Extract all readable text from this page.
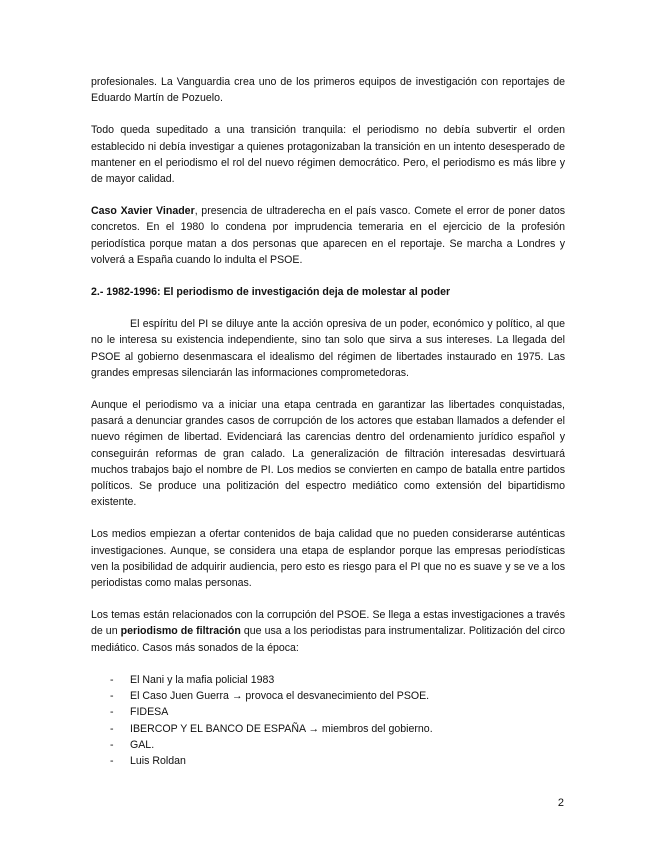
profesionales. La Vanguardia crea uno de los primeros equipos de investigación con reportajes de Eduardo Martín de Pozuelo.

Todo queda supeditado a una transición tranquila: el periodismo no debía subvertir el orden establecido ni debía investigar a quienes protagonizaban la transición en un intento desesperado de mantener en el periodismo el rol del nuevo régimen democrático. Pero, el periodismo es más libre y de mayor calidad.

Caso Xavier Vinader, presencia de ultraderecha en el país vasco. Comete el error de poner datos concretos. En el 1980 lo condena por imprudencia temeraria en el ejercicio de la profesión periodística porque matan a dos personas que aparecen en el reportaje. Se marcha a Londres y volverá a España cuando lo indulta el PSOE.

2.- 1982-1996: El periodismo de investigación deja de molestar al poder

El espíritu del PI se diluye ante la acción opresiva de un poder, económico y político, al que no le interesa su existencia independiente, sino tan solo que sirva a sus intereses. La llegada del PSOE al gobierno desenmascara el idealismo del régimen de libertades instaurado en 1975. Las grandes empresas silenciarán las informaciones comprometedoras.

Aunque el periodismo va a iniciar una etapa centrada en garantizar las libertades conquistadas, pasará a denunciar grandes casos de corrupción de los actores que estaban llamados a defender el nuevo régimen de libertad. Evidenciará las carencias dentro del ordenamiento jurídico español y conseguirán reformas de gran calado. La generalización de filtración interesadas desvirtuará muchos trabajos bajo el nombre de PI. Los medios se convierten en campo de batalla entre partidos políticos. Se produce una politización del espectro mediático como extensión del bipartidismo existente.

Los medios empiezan a ofertar contenidos de baja calidad que no pueden considerarse auténticas investigaciones. Aunque, se considera una etapa de esplandor porque las empresas periodísticas ven la posibilidad de adquirir audiencia, pero esto es riesgo para el PI que no es suave y se ve a los periodistas como malas personas.

Los temas están relacionados con la corrupción del PSOE. Se llega a estas investigaciones a través de un periodismo de filtración que usa a los periodistas para instrumentalizar. Politización del circo mediático. Casos más sonados de la época:

- El Nani y la mafia policial 1983
- El Caso Juen Guerra → provoca el desvanecimiento del PSOE.
- FIDESA
- IBERCOP Y EL BANCO DE ESPAÑA → miembros del gobierno.
- GAL.
- Luis Roldan
2
